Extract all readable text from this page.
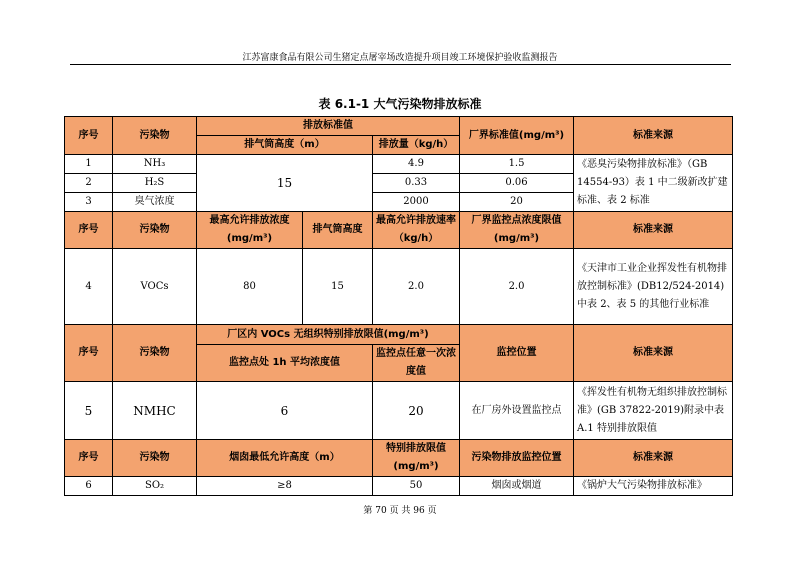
江苏富康食品有限公司生猪定点屠宰场改造提升项目竣工环境保护验收监测报告
表 6.1-1 大气污染物排放标准
序号	污染物	排放标准值			厂界标准值(mg/m³)	标准来源
		排气筒高度（m）		排放量（kg/h）		
1	NH₃	15		4.9	1.5	《恶臭污染物排放标准》（GB 14554-93）表 1 中二级新改扩建标准、表 2 标准
2	H₂S			0.33	0.06	
3	臭气浓度			2000	20	
序号	污染物	最高允许排放浓度(mg/m³)	排气筒高度	最高允许排放速率（kg/h）	厂界监控点浓度限值(mg/m³)	标准来源
4	VOCs	80	15	2.0	2.0	《天津市工业企业挥发性有机物排放控制标准》(DB12/524-2014)中表 2、表 5 的其他行业标准
序号	污染物	厂区内 VOCs 无组织特别排放限值(mg/m³)			监控位置	标准来源
		监控点处 1h 平均浓度值		监控点任意一次浓度值		
5	NMHC	6		20	在厂房外设置监控点	《挥发性有机物无组织排放控制标准》(GB 37822-2019)附录中表 A.1 特别排放限值
序号	污染物	烟囱最低允许高度（m）		特别排放限值(mg/m³)	污染物排放监控位置	标准来源
6	SO₂	≥8		50	烟囱或烟道	《锅炉大气污染物排放标准》
第 70 页 共 96 页
